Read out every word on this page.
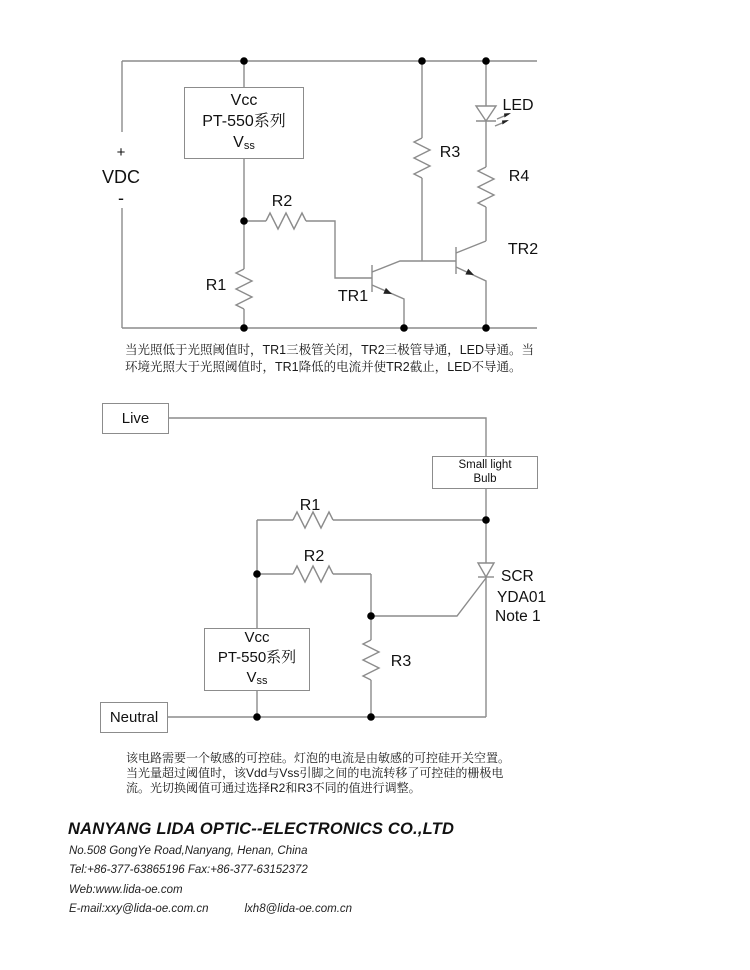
+
VDC
-
R1
R2
R3
R4
TR1
TR2
LED
R1
R2
R3
SCR
YDA01
Note 1
Vcc
PT-550系列
Vss
当光照低于光照阈值时，TR1三极管关闭，TR2三极管导通，LED导通。当
环境光照大于光照阈值时，TR1降低的电流并使TR2截止，LED不导通。
Live
Small light
Bulb
Vcc
PT-550系列
Vss
Neutral
该电路需要一个敏感的可控硅。灯泡的电流是由敏感的可控硅开关空置。
当光量超过阈值时，该Vdd与Vss引脚之间的电流转移了可控硅的栅极电
流。光切换阈值可通过选择R2和R3不同的值进行调整。
NANYANG LIDA OPTIC--ELECTRONICS CO.,LTD
No.508 GongYe Road,Nanyang, Henan, China
Tel:+86-377-63865196 Fax:+86-377-63152372
Web:www.lida-oe.com
E-mail:xxy@lida-oe.com.cn	lxh8@lida-oe.com.cn
